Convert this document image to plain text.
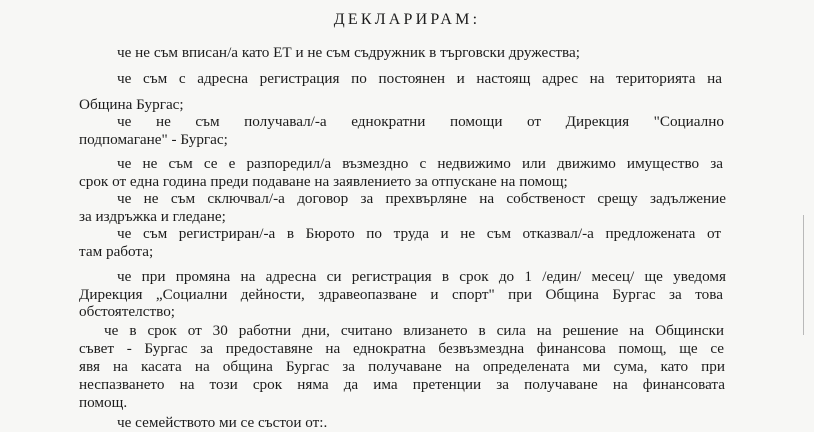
ДЕКЛАРИРАМ:
че не съм вписан/а като ЕТ и не съм съдружник в търговски дружества;
че съм с адресна регистрация по постоянен и настоящ адрес на територията на
Община Бургас;
че не съм получавал/-а еднократни помощи от Дирекция "Социално
подпомагане" - Бургас;
че не съм се е разпоредил/а възмездно с недвижимо или движимо имущество за
срок от една година преди подаване на заявлението за отпускане на помощ;
че не съм сключвал/-а договор за прехвърляне на собственост срещу задължение
за издръжка и гледане;
че съм регистриран/-а в Бюрото по труда и не съм отказвал/-а предложената от
там работа;
че при промяна на адресна си регистрация в срок до 1 /един/ месец/ ще уведомя
Дирекция „Социални дейности, здравеопазване и спорт" при Община Бургас за това
обстоятелство;
че в срок от 30 работни дни, считано влизането в сила на решение на Общински
съвет - Бургас за предоставяне на еднократна безвъзмездна финансова помощ, ще се
явя на касата на община Бургас за получаване на определената ми сума, като при
неспазването на този срок няма да има претенции за получаване на финансовата
помощ.
че семейството ми се състои от:.
